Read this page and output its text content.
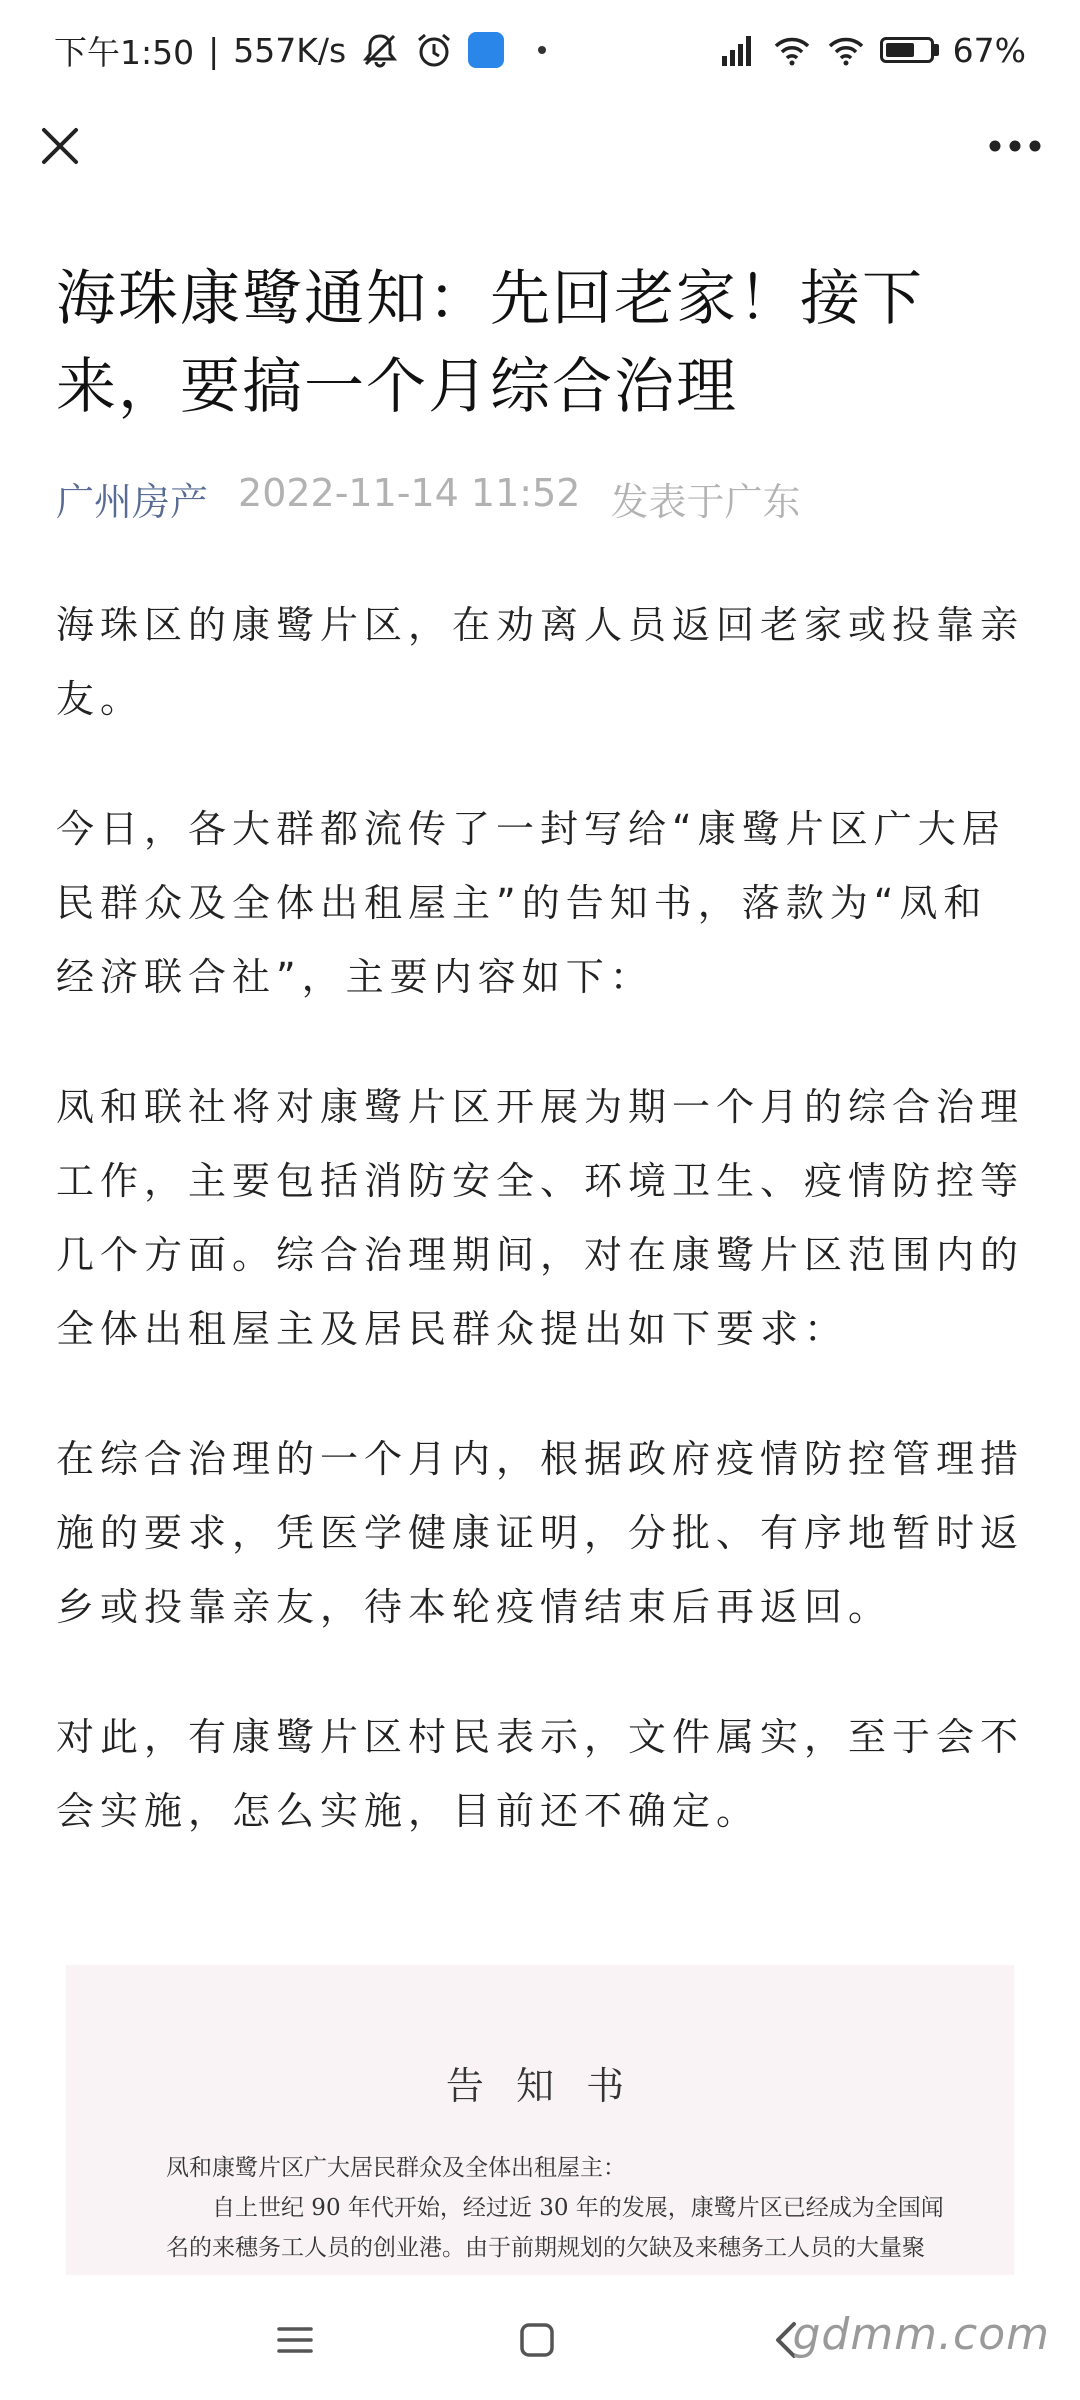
下午1:50 | 557K/s	67%
海珠康鹭通知：先回老家！接下来，要搞一个月综合治理
广州房产 2022-11-14 11:52 发表于广东

海珠区的康鹭片区，在劝离人员返回老家或投靠亲友。

今日，各大群都流传了一封写给“康鹭片区广大居民群众及全体出租屋主”的告知书，落款为“凤和经济联合社”，主要内容如下：

凤和联社将对康鹭片区开展为期一个月的综合治理工作，主要包括消防安全、环境卫生、疫情防控等几个方面。综合治理期间，对在康鹭片区范围内的全体出租屋主及居民群众提出如下要求：

在综合治理的一个月内，根据政府疫情防控管理措施的要求，凭医学健康证明，分批、有序地暂时返乡或投靠亲友，待本轮疫情结束后再返回。

对此，有康鹭片区村民表示，文件属实，至于会不会实施，怎么实施，目前还不确定。

告 知 书
凤和康鹭片区广大居民群众及全体出租屋主：
自上世纪 90 年代开始，经过近 30 年的发展，康鹭片区已经成为全国闻
名的来穗务工人员的创业港。由于前期规划的欠缺及来穗务工人员的大量聚
gdmm.com
